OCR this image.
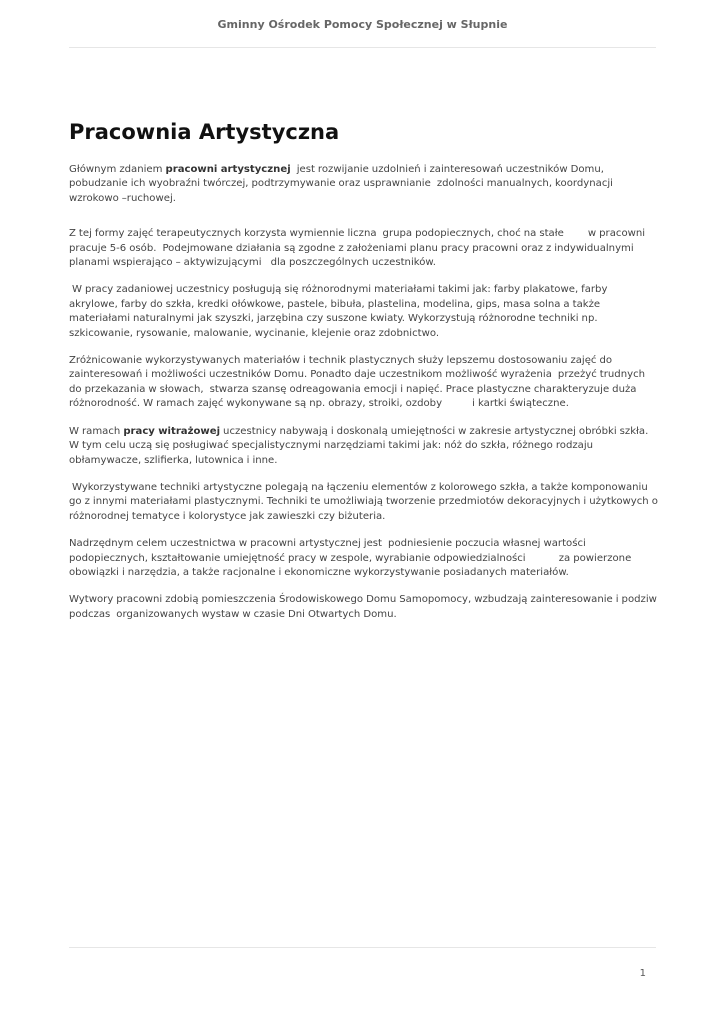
Gminny Ośrodek Pomocy Społecznej w Słupnie
Pracownia Artystyczna

Głównym zdaniem pracowni artystycznej  jest rozwijanie uzdolnień i zainteresowań uczestników Domu, pobudzanie ich wyobraźni twórczej, podtrzymywanie oraz usprawnianie  zdolności manualnych, koordynacji wzrokowo –ruchowej.

Z tej formy zajęć terapeutycznych korzysta wymiennie liczna  grupa podopiecznych, choć na stałe        w pracowni pracuje 5-6 osób.  Podejmowane działania są zgodne z założeniami planu pracy pracowni oraz z indywidualnymi planami wspierająco – aktywizującymi   dla poszczególnych uczestników.

W pracy zadaniowej uczestnicy posługują się różnorodnymi materiałami takimi jak: farby plakatowe, farby akrylowe, farby do szkła, kredki ołówkowe, pastele, bibuła, plastelina, modelina, gips, masa solna a także materiałami naturalnymi jak szyszki, jarzębina czy suszone kwiaty. Wykorzystują różnorodne techniki np. szkicowanie, rysowanie, malowanie, wycinanie, klejenie oraz zdobnictwo.

Zróżnicowanie wykorzystywanych materiałów i technik plastycznych służy lepszemu dostosowaniu zajęć do zainteresowań i możliwości uczestników Domu. Ponadto daje uczestnikom możliwość wyrażenia  przeżyć trudnych do przekazania w słowach,  stwarza szansę odreagowania emocji i napięć. Prace plastyczne charakteryzuje duża różnorodność. W ramach zajęć wykonywane są np. obrazy, stroiki, ozdoby          i kartki świąteczne.

W ramach pracy witrażowej uczestnicy nabywają i doskonalą umiejętności w zakresie artystycznej obróbki szkła. W tym celu uczą się posługiwać specjalistycznymi narzędziami takimi jak: nóż do szkła, różnego rodzaju obłamywacze, szlifierka, lutownica i inne.

Wykorzystywane techniki artystyczne polegają na łączeniu elementów z kolorowego szkła, a także komponowaniu go z innymi materiałami plastycznymi. Techniki te umożliwiają tworzenie przedmiotów dekoracyjnych i użytkowych o różnorodnej tematyce i kolorystyce jak zawieszki czy biżuteria.

Nadrzędnym celem uczestnictwa w pracowni artystycznej jest  podniesienie poczucia własnej wartości podopiecznych, kształtowanie umiejętność pracy w zespole, wyrabianie odpowiedzialności           za powierzone obowiązki i narzędzia, a także racjonalne i ekonomiczne wykorzystywanie posiadanych materiałów.

Wytwory pracowni zdobią pomieszczenia Środowiskowego Domu Samopomocy, wzbudzają zainteresowanie i podziw   podczas  organizowanych wystaw w czasie Dni Otwartych Domu.

1
